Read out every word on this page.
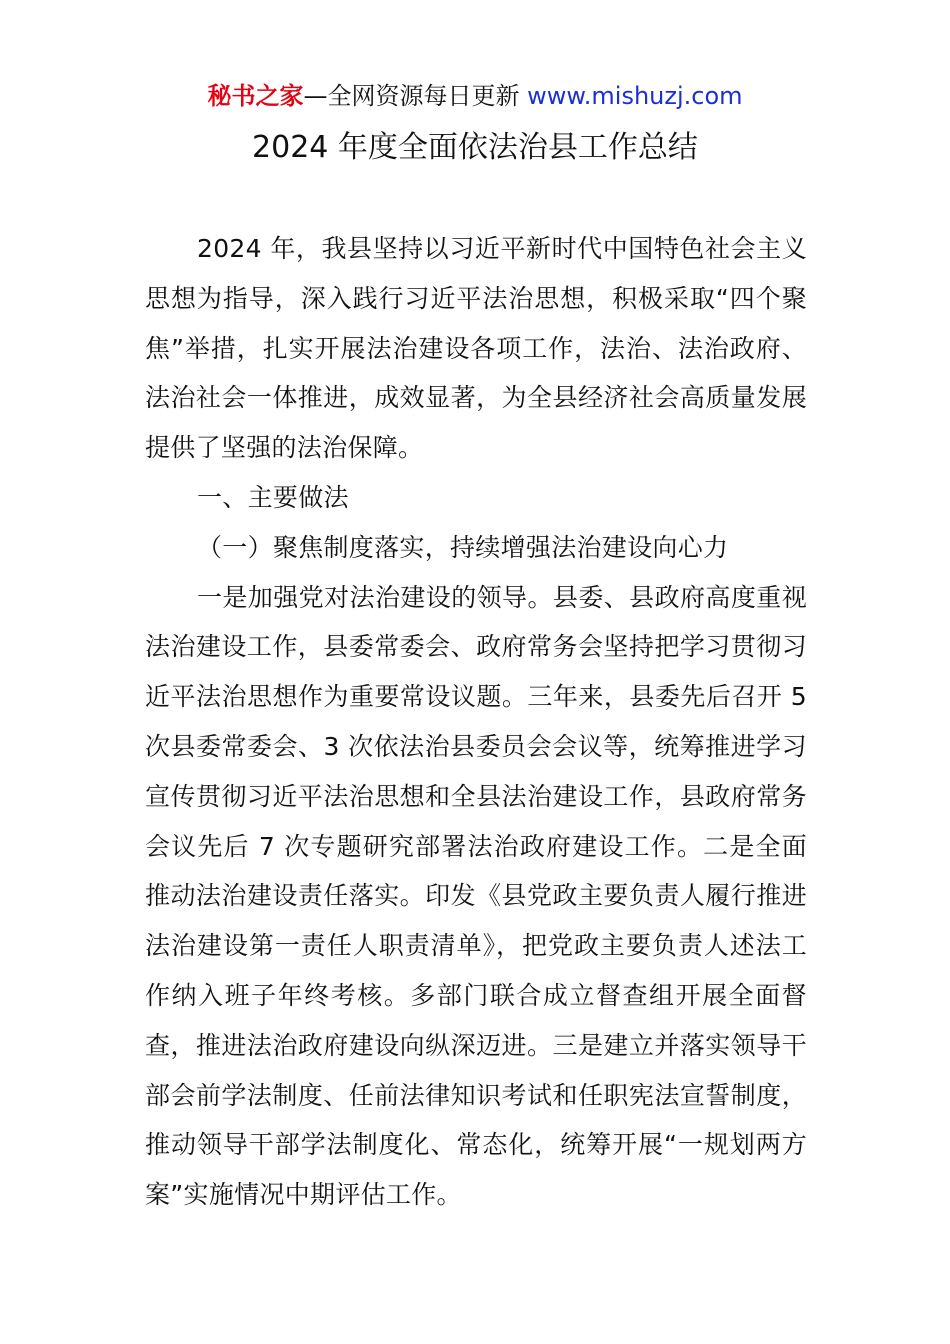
秘书之家—全网资源每日更新 www.mishuzj.com
2024 年度全面依法治县工作总结

2024 年，我县坚持以习近平新时代中国特色社会主义思想为指导，深入践行习近平法治思想，积极采取“四个聚焦”举措，扎实开展法治建设各项工作，法治、法治政府、法治社会一体推进，成效显著，为全县经济社会高质量发展提供了坚强的法治保障。

一、主要做法

（一）聚焦制度落实，持续增强法治建设向心力

一是加强党对法治建设的领导。县委、县政府高度重视法治建设工作，县委常委会、政府常务会坚持把学习贯彻习近平法治思想作为重要常设议题。三年来，县委先后召开 5 次县委常委会、3 次依法治县委员会会议等，统筹推进学习宣传贯彻习近平法治思想和全县法治建设工作，县政府常务会议先后 7 次专题研究部署法治政府建设工作。二是全面推动法治建设责任落实。印发《县党政主要负责人履行推进法治建设第一责任人职责清单》，把党政主要负责人述法工作纳入班子年终考核。多部门联合成立督查组开展全面督查，推进法治政府建设向纵深迈进。三是建立并落实领导干部会前学法制度、任前法律知识考试和任职宪法宣誓制度，推动领导干部学法制度化、常态化，统筹开展“一规划两方案”实施情况中期评估工作。
